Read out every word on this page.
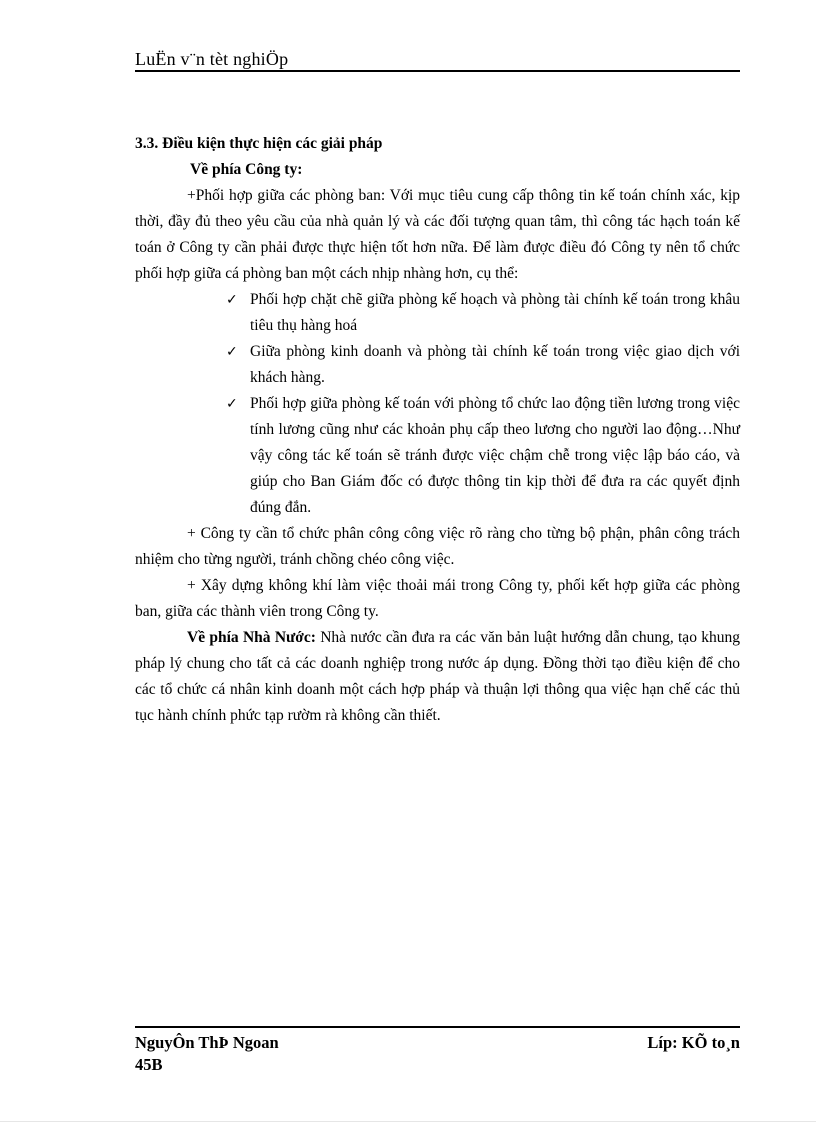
LuËn v¨n tèt nghiÖp

3.3. Điều kiện thực hiện các giải pháp

Về phía Công ty:

+Phối hợp giữa các phòng ban: Với mục tiêu cung cấp thông tin kế toán chính xác, kịp thời, đầy đủ theo yêu cầu của nhà quản lý và các đối tượng quan tâm, thì công tác hạch toán kế toán ở Công ty cần phải được thực hiện tốt hơn nữa. Để làm được điều đó Công ty nên tổ chức phối hợp giữa cá phòng ban một cách nhịp nhàng hơn, cụ thể:

✓ Phối hợp chặt chẽ giữa phòng kế hoạch và phòng tài chính kế toán trong khâu tiêu thụ hàng hoá
✓ Giữa phòng kinh doanh và phòng tài chính kế toán trong việc giao dịch với khách hàng.
✓ Phối hợp giữa phòng kế toán với phòng tổ chức lao động tiền lương trong việc tính lương cũng như các khoản phụ cấp theo lương cho người lao động…Như vậy công tác kế toán sẽ tránh được việc chậm chễ trong việc lập báo cáo, và giúp cho Ban Giám đốc có được thông tin kịp thời để đưa ra các quyết định đúng đắn.

+ Công ty cần tổ chức phân công công việc rõ ràng cho từng bộ phận, phân công trách nhiệm cho từng người, tránh chồng chéo công việc.

+ Xây dựng không khí làm việc thoải mái trong Công ty, phối kết hợp giữa các phòng ban, giữa các thành viên trong Công ty.

Về phía Nhà Nước: Nhà nước cần đưa ra các văn bản luật hướng dẫn chung, tạo khung pháp lý chung cho tất cả các doanh nghiệp trong nước áp dụng. Đồng thời tạo điều kiện để cho các tổ chức cá nhân kinh doanh một cách hợp pháp và thuận lợi thông qua việc hạn chế các thủ tục hành chính phức tạp rườm rà không cần thiết.

NguyÔn ThÞ Ngoan	Líp: KÕ to¸n
45B
